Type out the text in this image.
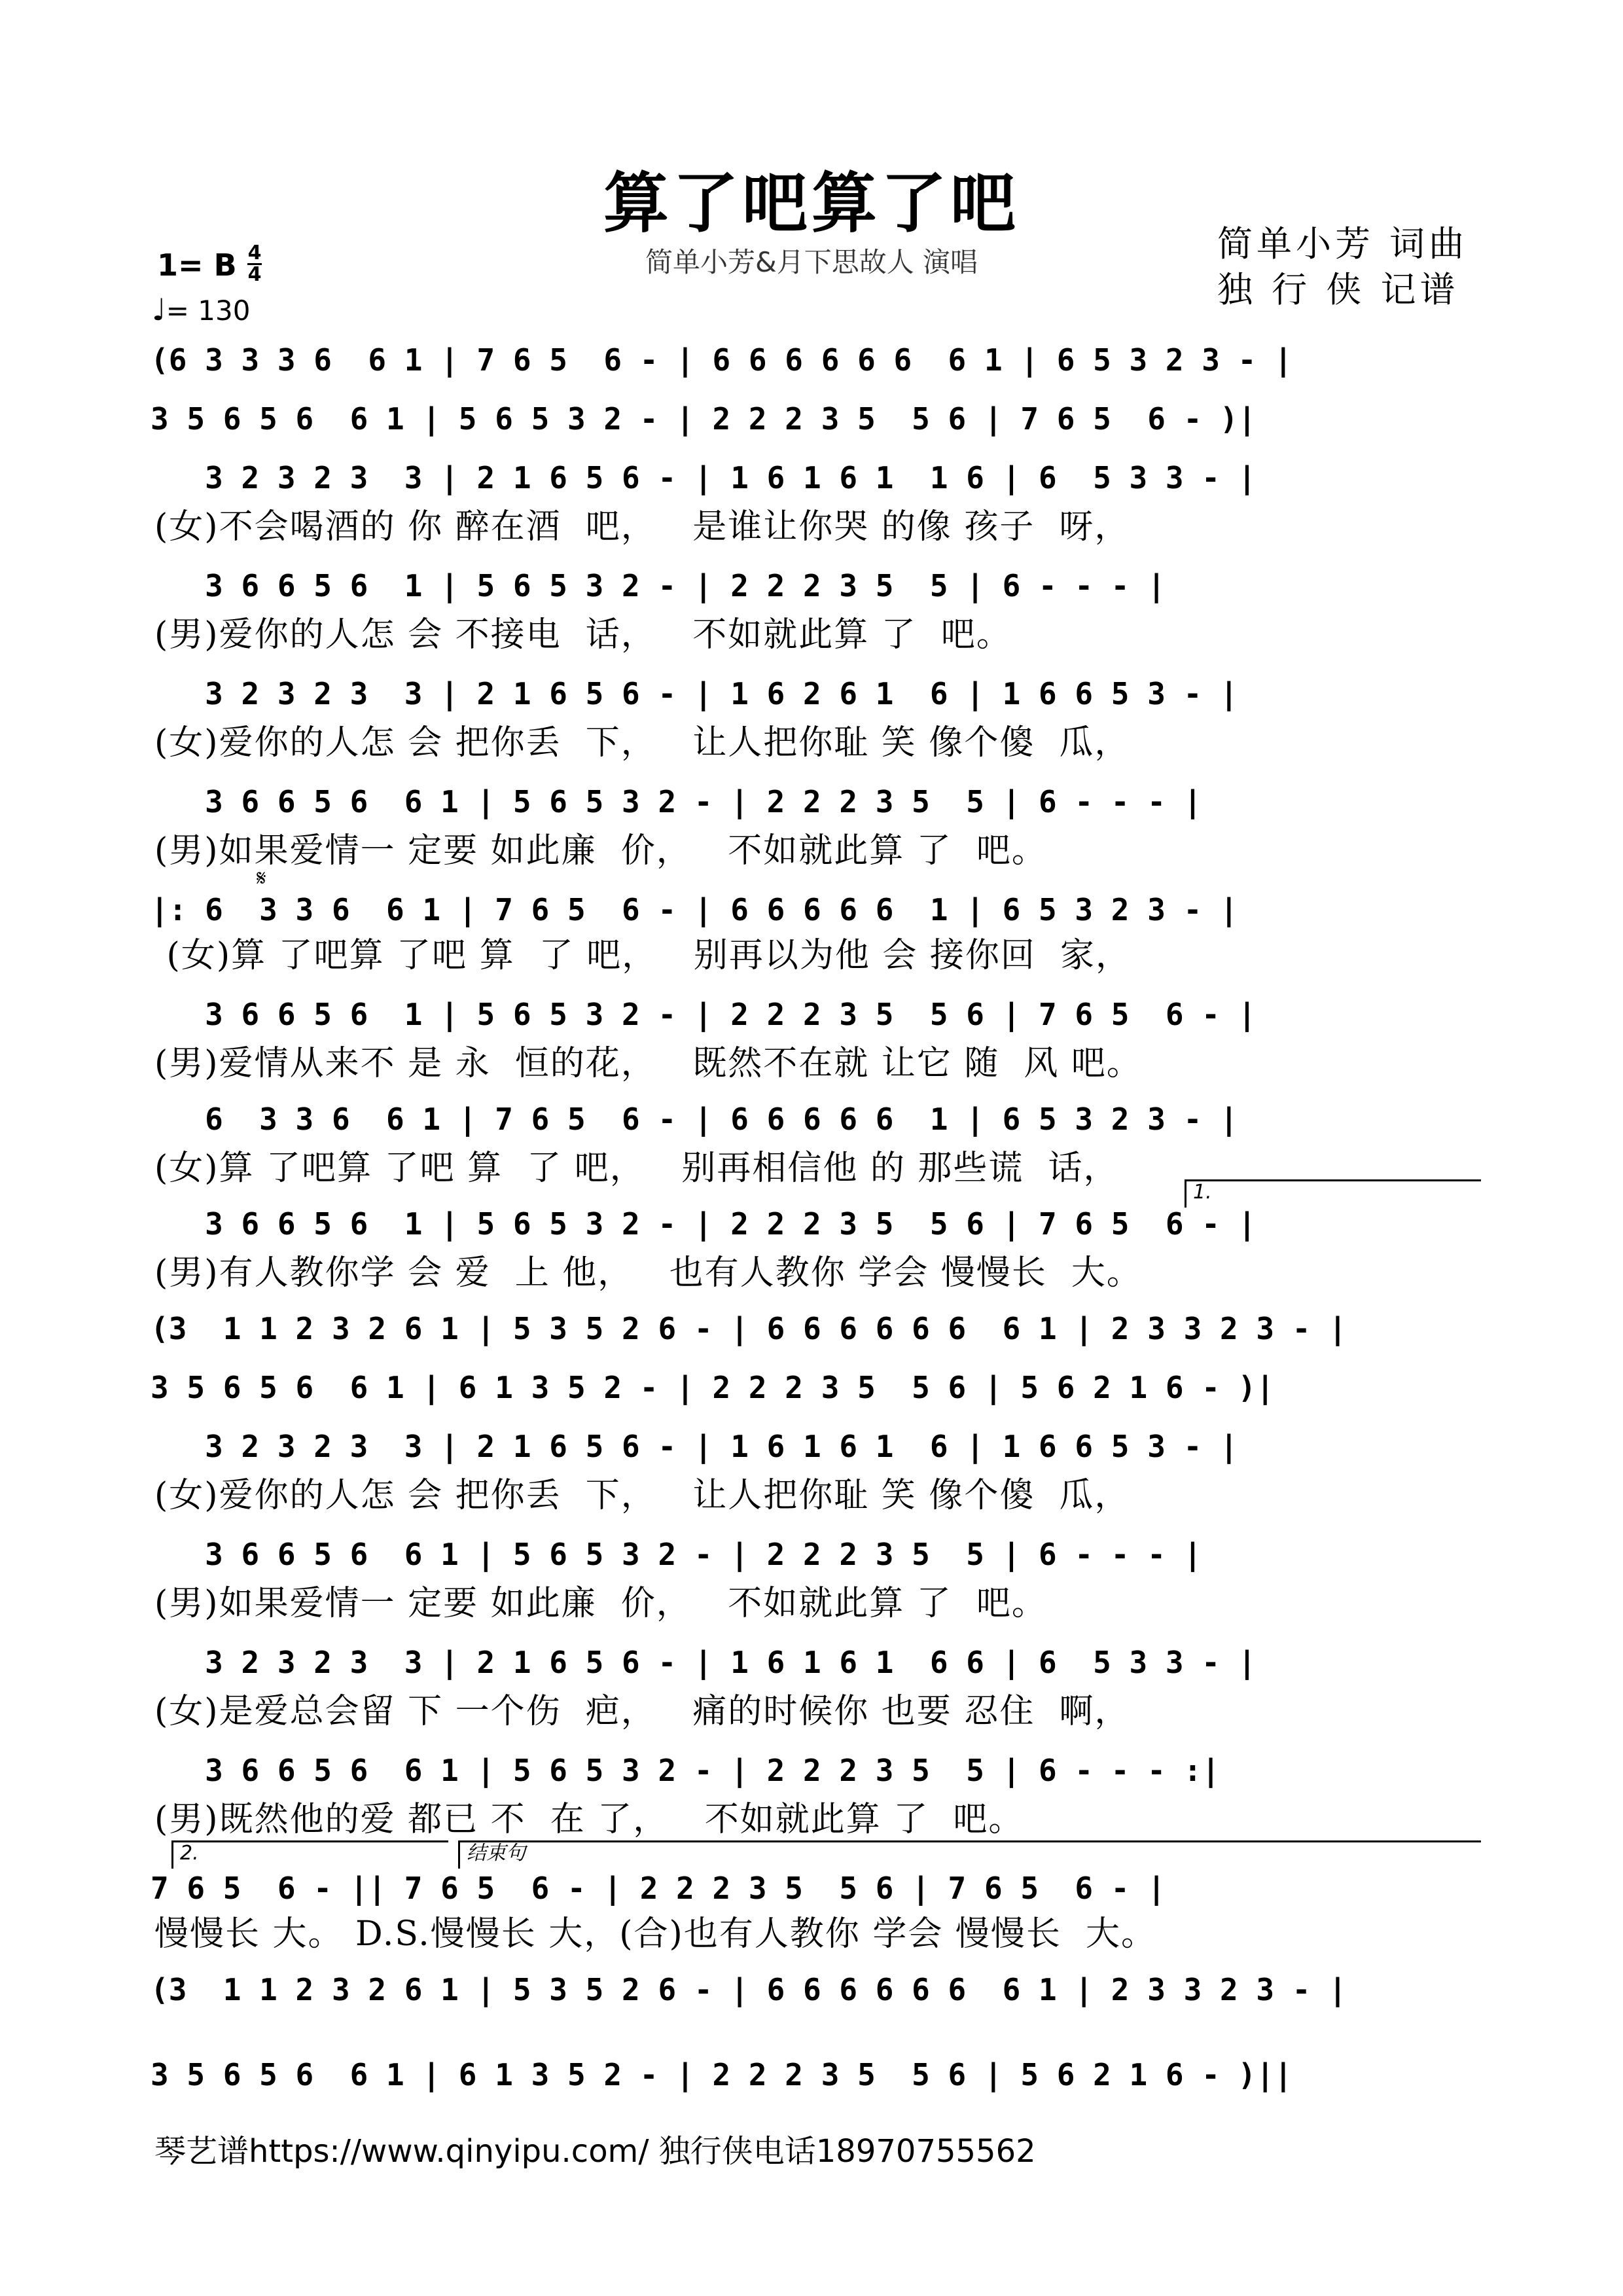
算了吧算了吧
简单小芳&月下思故人 演唱	简单小芳 词曲
独 行 侠 记谱
1= B 4
4
♩= 130
𝄋
(6 3 3 3 6  6 1 | 7 6 5  6 - | 6 6 6 6 6 6  6 1 | 6 5 3 2 3 - |
3 5 6 5 6  6 1 | 5 6 5 3 2 - | 2 2 2 3 5  5 6 | 7 6 5  6 - )|
3 2 3 2 3  3 | 2 1 6 5 6 - | 1 6 1 6 1  1 6 | 6  5 3 3 - |
(女)不会喝酒的 你 醉在酒  吧，   是谁让你哭 的像 孩子  呀，
3 6 6 5 6  1 | 5 6 5 3 2 - | 2 2 2 3 5  5 | 6 - - - |
(男)爱你的人怎 会 不接电  话，   不如就此算 了  吧。
3 2 3 2 3  3 | 2 1 6 5 6 - | 1 6 2 6 1  6 | 1 6 6 5 3 - |
(女)爱你的人怎 会 把你丢  下，   让人把你耻 笑 像个傻  瓜，
3 6 6 5 6  6 1 | 5 6 5 3 2 - | 2 2 2 3 5  5 | 6 - - - |
(男)如果爱情一 定要 如此廉  价，   不如就此算 了  吧。
|: 6  3 3 6  6 1 | 7 6 5  6 - | 6 6 6 6 6  1 | 6 5 3 2 3 - |
(女)算 了吧算 了吧 算  了 吧，   别再以为他 会 接你回  家，
3 6 6 5 6  1 | 5 6 5 3 2 - | 2 2 2 3 5  5 6 | 7 6 5  6 - |
(男)爱情从来不 是 永  恒的花，   既然不在就 让它 随  风 吧。
6  3 3 6  6 1 | 7 6 5  6 - | 6 6 6 6 6  1 | 6 5 3 2 3 - |
(女)算 了吧算 了吧 算  了 吧，   别再相信他 的 那些谎  话，
1.
3 6 6 5 6  1 | 5 6 5 3 2 - | 2 2 2 3 5  5 6 | 7 6 5  6 - |
(男)有人教你学 会 爱  上 他，   也有人教你 学会 慢慢长  大。
(3  1 1 2 3 2 6 1 | 5 3 5 2 6 - | 6 6 6 6 6 6  6 1 | 2 3 3 2 3 - |
3 5 6 5 6  6 1 | 6 1 3 5 2 - | 2 2 2 3 5  5 6 | 5 6 2 1 6 - )|
3 2 3 2 3  3 | 2 1 6 5 6 - | 1 6 1 6 1  6 | 1 6 6 5 3 - |
(女)爱你的人怎 会 把你丢  下，   让人把你耻 笑 像个傻  瓜，
3 6 6 5 6  6 1 | 5 6 5 3 2 - | 2 2 2 3 5  5 | 6 - - - |
(男)如果爱情一 定要 如此廉  价，   不如就此算 了  吧。
3 2 3 2 3  3 | 2 1 6 5 6 - | 1 6 1 6 1  6 6 | 6  5 3 3 - |
(女)是爱总会留 下 一个伤  疤，   痛的时候你 也要 忍住  啊，
3 6 6 5 6  6 1 | 5 6 5 3 2 - | 2 2 2 3 5  5 | 6 - - - :|
(男)既然他的爱 都已 不  在 了，   不如就此算 了  吧。
2.	结束句
7 6 5  6 - || 7 6 5  6 - | 2 2 2 3 5  5 6 | 7 6 5  6 - |
慢慢长 大。 D.S.慢慢长 大，(合)也有人教你 学会 慢慢长  大。
(3  1 1 2 3 2 6 1 | 5 3 5 2 6 - | 6 6 6 6 6 6  6 1 | 2 3 3 2 3 - |
3 5 6 5 6  6 1 | 6 1 3 5 2 - | 2 2 2 3 5  5 6 | 5 6 2 1 6 - )||
琴艺谱https://www.qinyipu.com/ 独行侠电话18970755562
